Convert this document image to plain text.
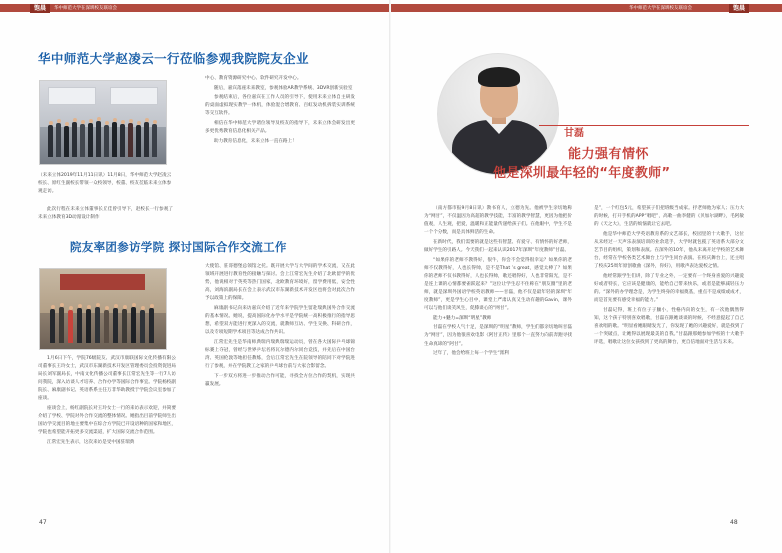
饱晨	华中师范大学在深圳校友联谊会
华中师范大学赵凌云一行莅临参观我院院友企业
（未来立体2019年11月11日讯）11月8日，华中师范大学赵凌云校长、原红生副校长带领一众校领导，校董、校友莅临未来立体参观走访。

此次行程在未来立体董事长丘佳曾引导下，赵校长一行参观了未来立体教育3D动漫设计制作

中心、教育资源研究中心、软件研究开发中心。

随后，嘉宾落座未来教室，参观体验AR教学系统、3DVR创新实验室

参观结束后，各位嘉宾在工作人员的引导下，使用未来立体自主研发的桌面虚拟现实教学一体机，体验混合增教育、百虹发动机拆装实训系统等交互软件。

相信在华中师范大学诸位领导及校友的指导下，未来立体会研发出更多更优秀教育信息化相关产品。

助力教育信息化，未来立体一直在路上！

院友率团参访学院 探讨国际合作交流工作

1月6日下午，学院76级院友、武汉市康联国际文化传播有限公司董事长王玲女士，武汉市东湖新技术开发区管理委员会投资促进局局长刘军副局长，中南文化传播公司董事长江常宏先生等一行7人访问我院，深入访谈人才培养、合作办学等国际合作事宜。学院杨校副院长、麻康副书记、英语系系主任万非华助教授于学院会议室参加了座谈。

座谈会上，杨红副院长对王玲女士一行的来访表示欢迎，并简要介绍了学校、学院对外合作交流的整体情况。她指出目前学院师生出国访学交流目的地主要集中在综合方学院已开设语种的国家和地区，学院也希望能开拓更多交流渠道，扩大国际交流合作范围。

江常宏先生表示，这次来访是受中国驻瑞典

大使馆、驻哥德堡总领馆之托。既开展大学与大学间的学术交流，又在此领域开展进行教育性的接触与探讨。会上江常宏先生介绍了北欧留学的优势，他说相对于英英等热门国家，北欧教育环境好，留学费用低，安全性高，刘海滨副局长在会上表示武汉市东湖新技术开发区也将会对此次合作予以政策上的保障。

麻康副书记向来访嘉宾介绍了近年来学院学生留赴瑞典国外合作交流的基本情况。她说，提高国际化办学水平是学院统一高积极推行的指导思想，希望双方能进行更深入的交流，就教师互访、学生交换、科研合作，以及专项短期学术项目等达成合作共识。

江常宏先生是华南师典瑞内瑞典瑞瑞运动员，曾在各大国际乒乓球锦标赛上夺冠，曾经与世界乒坛名将瓦尔德内尔同台竞技，并先后在中国台湾、英国伦敦等地担任教练，会后江常宏先生在院领导的陪同下对学院进行了参观，并在学院教工之家的乒乓球台前与大家合影留念。

下一步双方将进一步推动合作可能，寻找全方位合作的契机，实现共赢发展。

47
华中师范大学在深圳校友联谊会	饱晨
甘磊
能力强有情怀
他是深圳最年轻的“年度教师”

（南方都市报9月8日讯）教书育人，立德为先。他被学生亲切地称为“网甘”，不仅温因为高超的教学技能，丰富的教学智慧，更因为他把价值观，人生观，把爱，温暖和正能量传递给孩子们。在他眼中，学生不是一个个分数，而是具体鲜活的生命。

在新时代，我们需要的就是这些有智慧、有爱守、有情怀的好老师，做好学生的引路人。今天我们一起来认识2017年深圳“年度教师”甘磊。

“如果你的老师不教得好，很牛，你会不会觉得很幸运？如果你的老师不仅教得好，人也长得帅，是不是That ’s great，感觉太棒了？如果你的老师不仅书教得好，人也长得帅，歌还唱得好，人也非常阳光，是不是连上课的心情都要雀跃起来？”这位让学生忍不住称在“朋友圈”里的老师，就是深圳外国语学校英语教师——甘磊，他不仅是最年轻的深圳“年度教师”，更是学生心目中，课堂上严肃认真又生动有趣的Gavin，课外可以与他们谈笑风生，促膝谈心的“网甘”。

能力+魅力=深圳“明星”教师

甘磊在学校人气十足，是深圳的“明星”教师，学生们都亲切地叫甘磊为“网甘”，因为他很喜欢电影《阿甘正传》里那个一直努力向前奔跑寻找生命真谛的“阿甘”。

过年了，他会给班上每一个学生“派利

是”，一个红包5元，希望孩子们把班级当成家。抒老师他为家人；压力大的时候，打开手机的APP“唱吧”，高歌一曲李健的《贝加尔湖畔》，毛阿敏的《天之大》，生活的烦恼就让它去吧。

他是华中师范大学英语教育系的文艺部长，校园里的十大歌手，这位从未经过一天声乐表演培训的业余选手，大学时就包揽了英语系大部分文艺节目的组织，策划和表演。在深外的10年，他从未离开过学校的艺术舞台，经常在学校各类艺术舞台上与学生同台表演。在校庆舞台上，还主唱了校庆25周年原创歌曲《深外，你好》，用歌声表达爱校之情。

他经常跟学生们讲，除了专业之外，一定要有一个终身喜爱的兴趣爱好或者特长，它应该是健康的，能给自己带来快乐，或者是能够减轻压力的。“深外的办学理念是，为学生终身的幸福奠基，重点不是成绩或成才，而是首先要有感受幸福的能力。”

甘磊记得，班上有位子子腼小，性格内向的女生，有一次他偶然得知，这个孩子特别喜欢唱歌，甘磊在跟她谈谈的时候，不经意提起了自己喜欢唱的歌。“明显看她眼睛发光了，你发现了她的兴趣爱好，就是找到了一个突破点，让她得以展现最美的自我。”甘磊跟那她参加学校的十大歌手评选，唱歌让这位女孩找到了更高的舞台，更自信地面对生活与未来。

48
